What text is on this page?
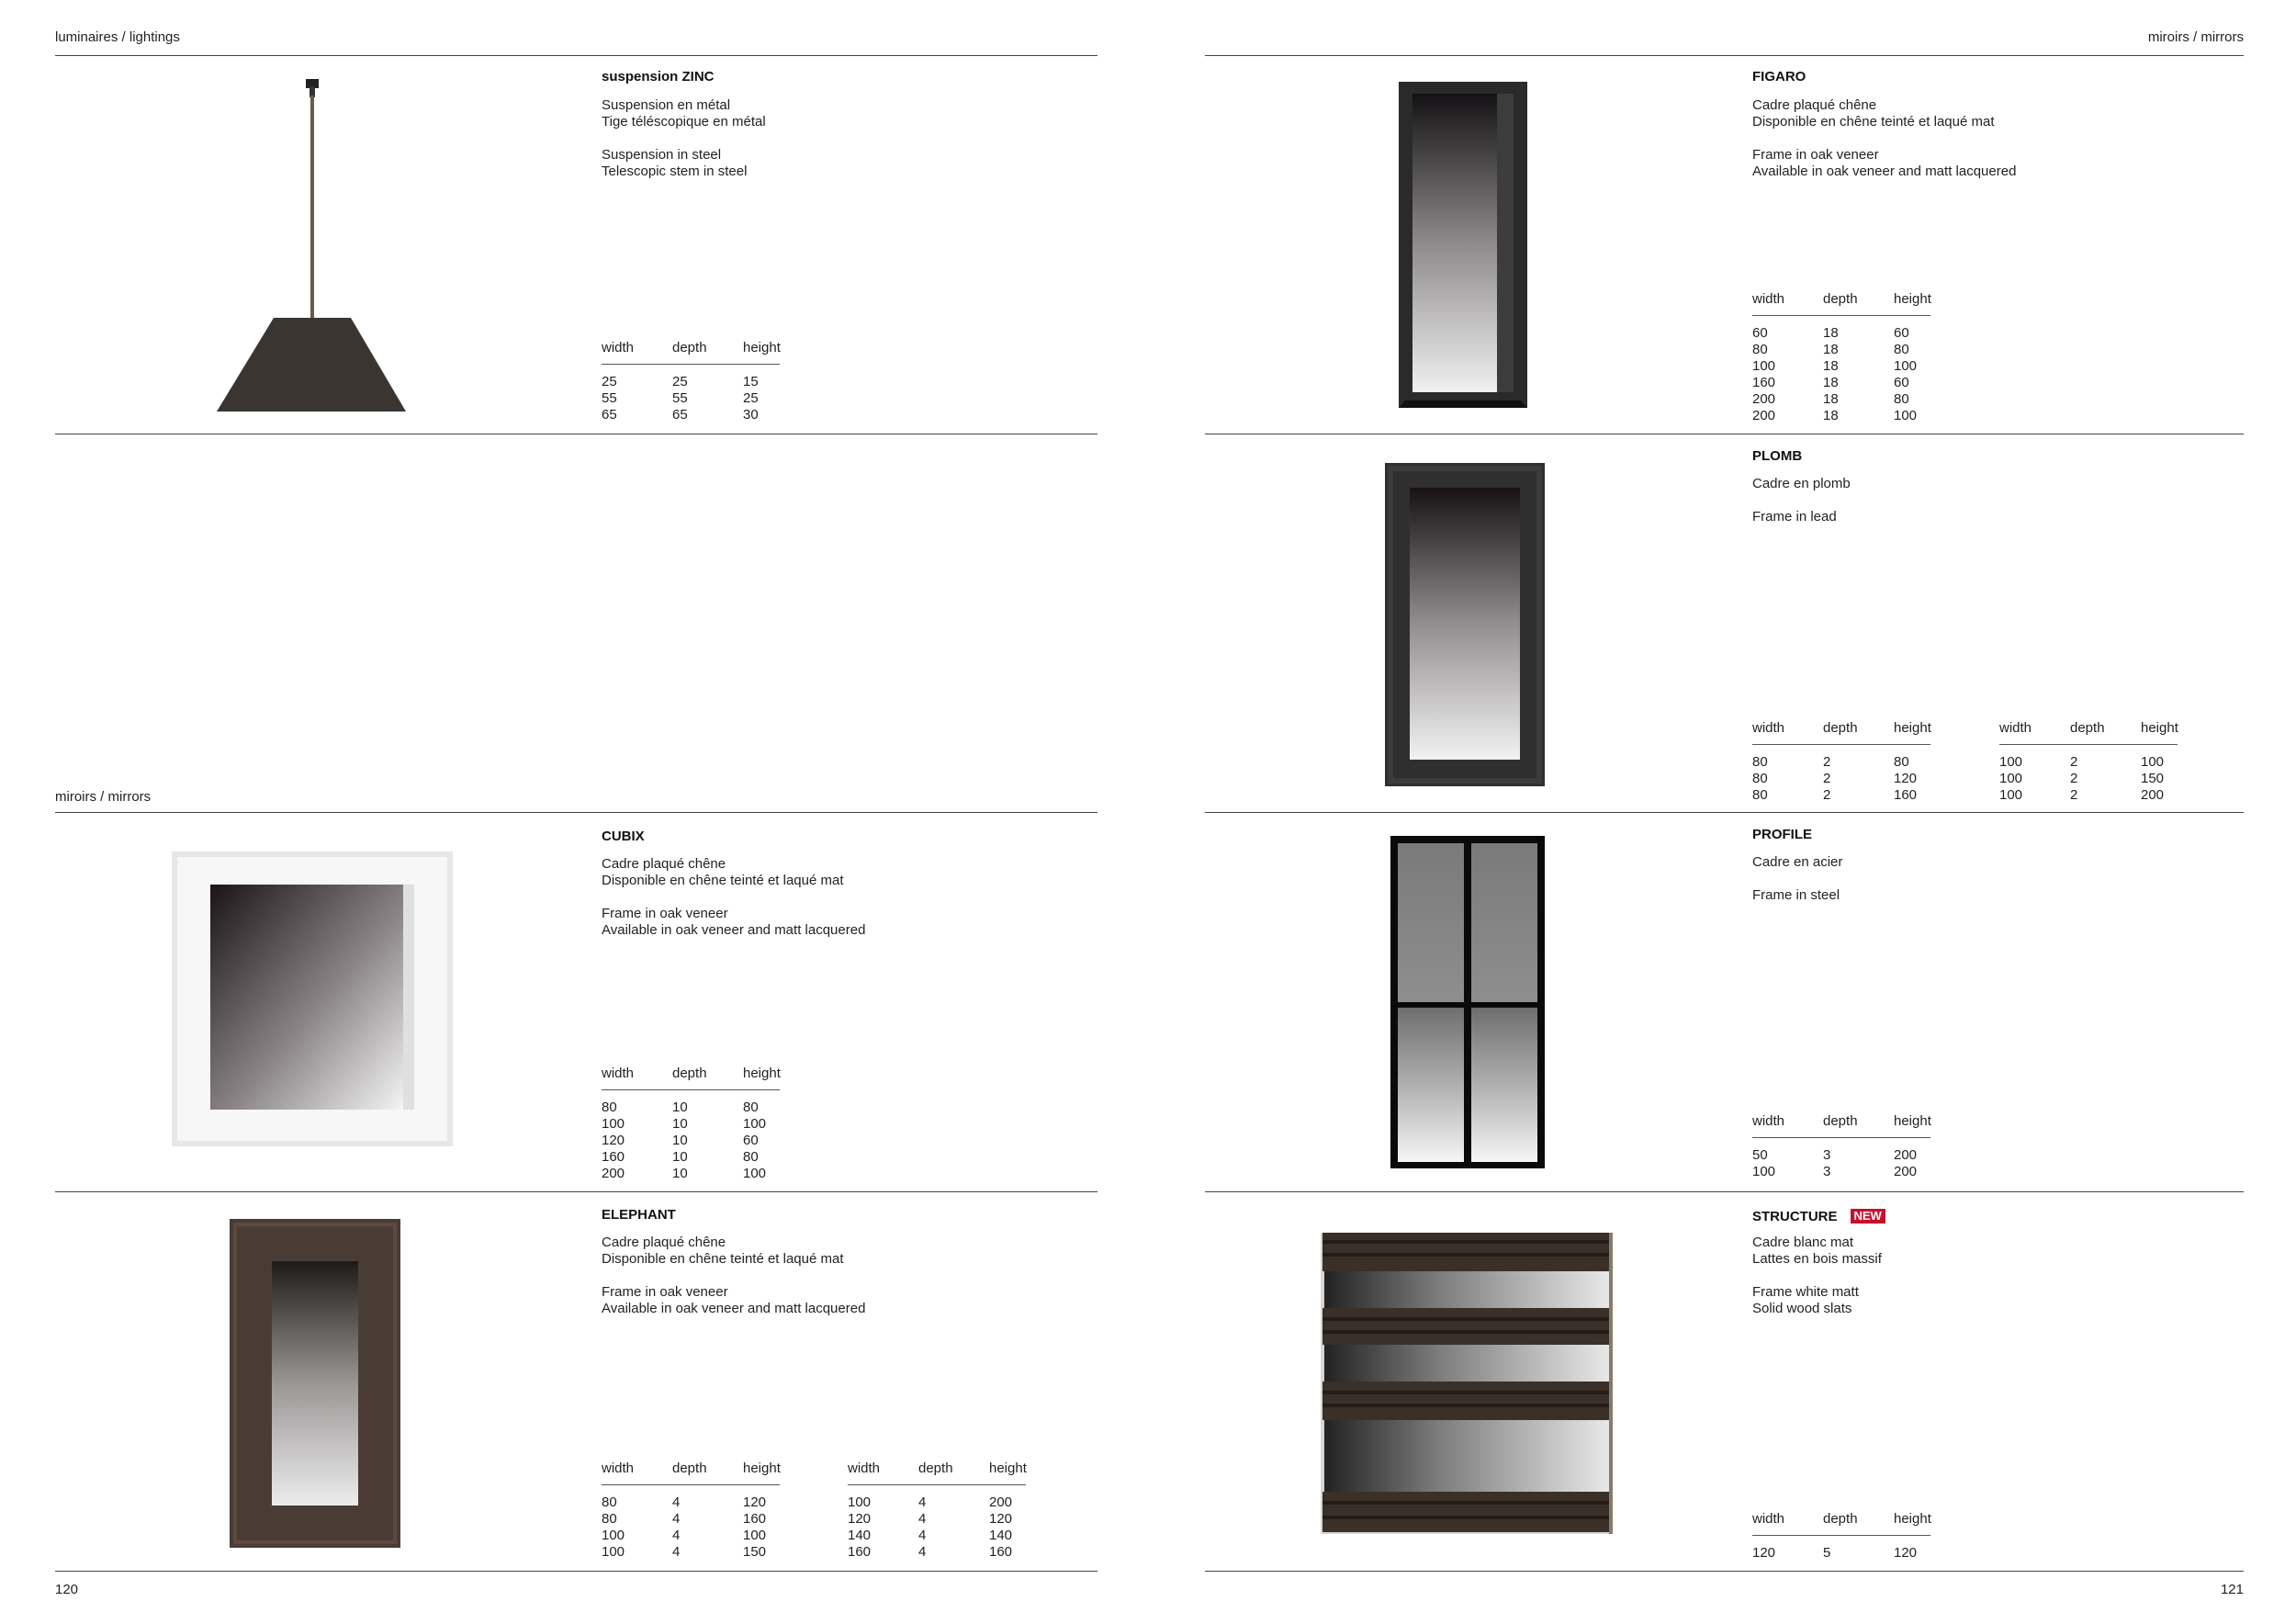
luminaires / lightings
suspension ZINC
Suspension en métal
Tige téléscopique en métal
Suspension in steel
Telescopic stem in steel
width	depth	height
25	25	15
55	55	25
65	65	30
miroirs / mirrors
CUBIX
Cadre plaqué chêne
Disponible en chêne teinté et laqué mat
Frame in oak veneer
Available in oak veneer and matt lacquered
width	depth	height
80	10	80
100	10	100
120	10	60
160	10	80
200	10	100
ELEPHANT
Cadre plaqué chêne
Disponible en chêne teinté et laqué mat
Frame in oak veneer
Available in oak veneer and matt lacquered
width	depth	height
80	4	120
80	4	160
100	4	100
100	4	150
width	depth	height
100	4	200
120	4	120
140	4	140
160	4	160
120
miroirs / mirrors
FIGARO
Cadre plaqué chêne
Disponible en chêne teinté et laqué mat
Frame in oak veneer
Available in oak veneer and matt lacquered
width	depth	height
60	18	60
80	18	80
100	18	100
160	18	60
200	18	80
200	18	100
PLOMB
Cadre en plomb
Frame in lead
width	depth	height
80	2	80
80	2	120
80	2	160
width	depth	height
100	2	100
100	2	150
100	2	200
PROFILE
Cadre en acier
Frame in steel
width	depth	height
50	3	200
100	3	200
STRUCTURE NEW
Cadre blanc mat
Lattes en bois massif
Frame white matt
Solid wood slats
width	depth	height
120	5	120
121
